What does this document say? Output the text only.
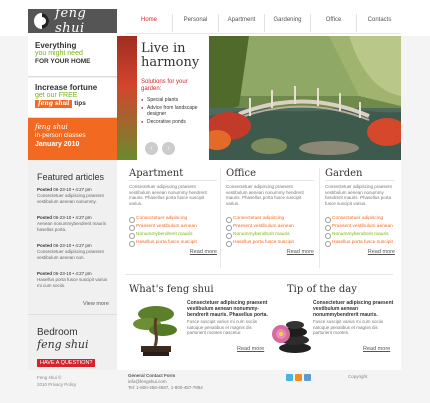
feng shui
Home	Personal	Apartment	Gardening	Office	Contacts
Everything
you might need
FOR YOUR HOME
Increase fortune
get our FREE
feng shui tips
feng shui
in-person classes
January 2010
Live in
harmony
Solutions for your garden:
● Special plants
● Advice from landscape designer
● Decorative ponds
‹	›
Featured articles
Posted 06-23-10 • 4:27 pm
Consectetuer adipiscing praesent vestibulum aenean nonummy.
Posted 06-23-10 • 4:27 pm
Aenean nonummybendrerit mauris hasellus porta.
Posted 06-23-10 • 4:27 pm
Consectetuer adipiscing praesent vestibulum aenean non.
Posted 06-23-10 • 4:27 pm
Hasellus porta fusce suscipit varius mi cum sociis.
View more
Bedroom
feng shui
HAVE A QUESTION?
Apartment
Consectetuer adipiscing praesent vestibulum aenean nonummy hendrerit mauris. Phasellus porta fusce suscipit varius.
Consectetuer adipiscing
Praesent vestibulum aenean
Nonummybendrerit mauris
Hasellus porta fusce suscipit
Read more
Office
Consectetuer adipiscing praesent vestibulum aenean nonummy hendrerit mauris. Phasellus porta fusce suscipit varius.
Consectetuer adipiscing
Praesent vestibulum aenean
Nonummybendrerit mauris
Hasellus porta fusce suscipit
Read more
Garden
Consectetuer adipiscing praesent vestibulum aenean nonummy hendrerit mauris. Phasellus porta fusce suscipit varius.
Consectetuer adipiscing
Praesent vestibulum aenean
Nonummybendrerit mauris
Hasellus porta fusce suscipit
Read more
What's feng shui
Consectetuer adipiscing praesent vestibulum aenean nonummy-bendrerit mauris. Phasellus porta.
Fusce suscipit varius mi cum sociis natoque penatibus et magnis dis parturient montes nascetur.
Read more
Tip of the day
Consectetuer adipiscing praesent vestibulum aenean nonummybendrerit mauris.
Fusce suscipit varius mi cum sociis natoque penatibus et magnis dis parturient montes.
Read more
Feng shui ©
2010 Privacy Policy
General Contact Form
info@fengshui.com
Tel: 1-800-458-4587, 1-800-457-7894
Copyright
